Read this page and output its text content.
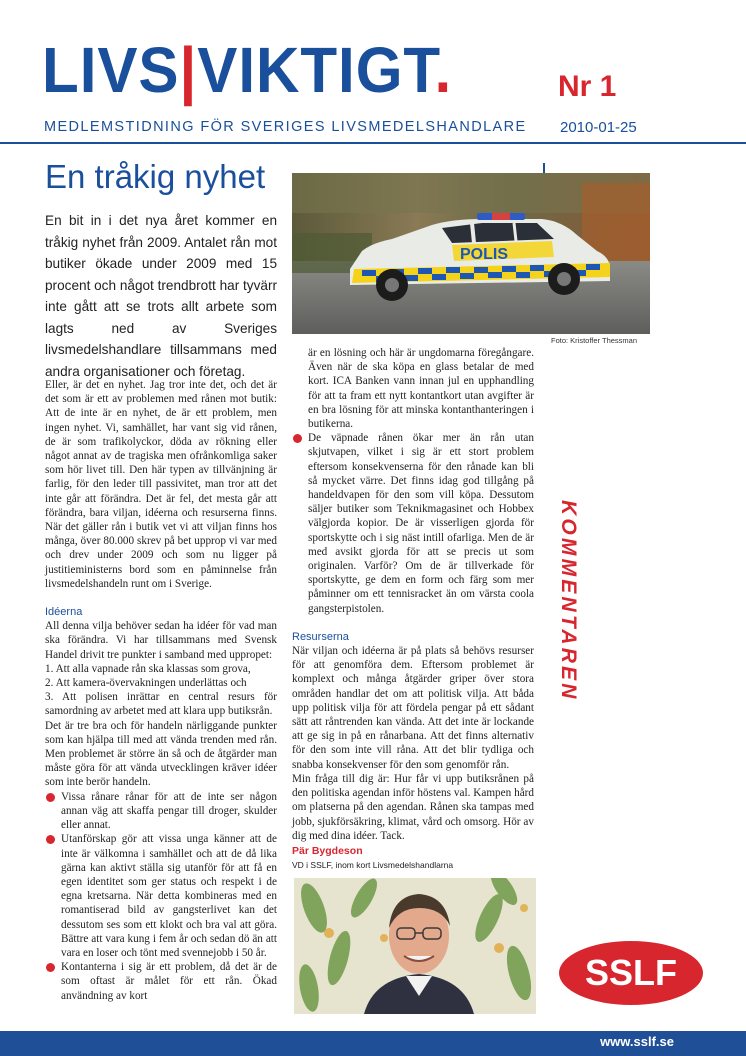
LIVS|VIKTIGT.	Nr 1
MEDLEMSTIDNING FÖR SVERIGES LIVSMEDELSHANDLARE 2010-01-25
En tråkig nyhet
En bit in i det nya året kommer en tråkig nyhet från 2009. Antalet rån mot butiker ökade under 2009 med 15 procent och något trendbrott har tyvärr inte gått att se trots allt arbete som lagts ned av Sveriges livsmedelshandlare tillsammans med andra organisationer och företag.
POLIS
Foto: Kristoffer Thessman
Eller, är det en nyhet. Jag tror inte det, och det är det som är ett av problemen med rånen mot butik: Att de inte är en nyhet, de är ett problem, men ingen nyhet. Vi, samhället, har vant sig vid rånen, de är som trafikolyckor, döda av rökning eller något annat av de tragiska men ofrånkomliga saker som hör livet till. Den här typen av tillvänjning är farlig, för den leder till passivitet, man tror att det inte går att förändra. Det är fel, det mesta går att förändra, bara viljan, idéerna och resurserna finns. När det gäller rån i butik vet vi att viljan finns hos många, över 80.000 skrev på bet upprop vi var med och drev under 2009 och som nu ligger på justitieministerns bord som en påminnelse från livsmedelshandeln runt om i Sverige.
Idéerna
All denna vilja behöver sedan ha idéer för vad man ska förändra. Vi har tillsammans med Svensk Handel drivit tre punkter i samband med uppropet:
1. Att alla vapnade rån ska klassas som grova,
2. Att kamera-övervakningen underlättas och
3. Att polisen inrättar en central resurs för samordning av arbetet med att klara upp butiksrån.
Det är tre bra och för handeln närliggande punkter som kan hjälpa till med att vända trenden med rån. Men problemet är större än så och de åtgärder man måste göra för att vända utvecklingen kräver idéer som inte berör handeln.
Vissa rånare rånar för att de inte ser någon annan väg att skaffa pengar till droger, skulder eller annat.
Utanförskap gör att vissa unga känner att de inte är välkomna i samhället och att de då lika gärna kan aktivt ställa sig utanför för att få en egen identitet som ger status och respekt i de egna kretsarna. När detta kombineras med en romantiserad bild av gangsterlivet kan det dessutom ses som ett klokt och bra val att göra. Bättre att vara kung i fem år och sedan dö än att vara en loser och tönt med svennejobb i 50 år.
Kontanterna i sig är ett problem, då det är de som oftast är målet för ett rån. Ökad användning av kort
är en lösning och här är ungdomarna föregångare. Även när de ska köpa en glass betalar de med kort. ICA Banken vann innan jul en upphandling för att ta fram ett nytt kontantkort utan avgifter är en bra lösning för att minska kontanthanteringen i butikerna.
De väpnade rånen ökar mer än rån utan skjutvapen, vilket i sig är ett stort problem eftersom konsekvenserna för den rånade kan bli så mycket värre. Det finns idag god tillgång på handeldvapen för den som vill köpa. Dessutom säljer butiker som Teknikmagasinet och Hobbex välgjorda kopior. De är visserligen gjorda för sportskytte och i sig näst intill ofarliga. Men de är med avsikt gjorda för att se precis ut som originalen. Varför? Om de är tillverkade för sportskytte, ge dem en form och färg som mer påminner om ett tennisracket än om värsta coola gangsterpistolen.
Resurserna
När viljan och idéerna är på plats så behövs resurser för att genomföra dem. Eftersom problemet är komplext och många åtgärder griper över stora områden handlar det om att politisk vilja. Att båda upp politisk vilja för att fördela pengar på ett sådant sätt att råntrenden kan vända. Att det inte är lockande att ge sig in på en rånarbana. Att det finns alternativ för den som inte vill råna. Att det blir tydliga och snabba konsekvenser för den som genomför rån.
Min fråga till dig är: Hur får vi upp butiksrånen på den politiska agendan inför höstens val. Kampen hård om platserna på den agendan. Rånen ska tampas med jobb, sjukförsäkring, klimat, vård och omsorg. Hör av dig med dina idéer. Tack.
Pär Bygdeson
VD i SSLF, inom kort Livsmedelshandlarna
KOMMENTAREN
SSLF
www.sslf.se
